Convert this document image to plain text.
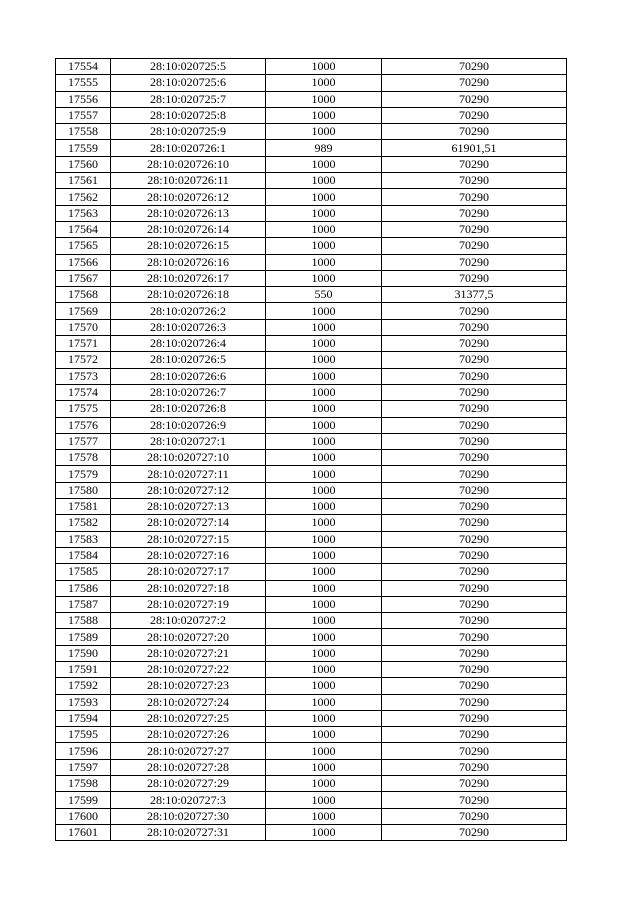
17554	28:10:020725:5	1000	70290
17555	28:10:020725:6	1000	70290
17556	28:10:020725:7	1000	70290
17557	28:10:020725:8	1000	70290
17558	28:10:020725:9	1000	70290
17559	28:10:020726:1	989	61901,51
17560	28:10:020726:10	1000	70290
17561	28:10:020726:11	1000	70290
17562	28:10:020726:12	1000	70290
17563	28:10:020726:13	1000	70290
17564	28:10:020726:14	1000	70290
17565	28:10:020726:15	1000	70290
17566	28:10:020726:16	1000	70290
17567	28:10:020726:17	1000	70290
17568	28:10:020726:18	550	31377,5
17569	28:10:020726:2	1000	70290
17570	28:10:020726:3	1000	70290
17571	28:10:020726:4	1000	70290
17572	28:10:020726:5	1000	70290
17573	28:10:020726:6	1000	70290
17574	28:10:020726:7	1000	70290
17575	28:10:020726:8	1000	70290
17576	28:10:020726:9	1000	70290
17577	28:10:020727:1	1000	70290
17578	28:10:020727:10	1000	70290
17579	28:10:020727:11	1000	70290
17580	28:10:020727:12	1000	70290
17581	28:10:020727:13	1000	70290
17582	28:10:020727:14	1000	70290
17583	28:10:020727:15	1000	70290
17584	28:10:020727:16	1000	70290
17585	28:10:020727:17	1000	70290
17586	28:10:020727:18	1000	70290
17587	28:10:020727:19	1000	70290
17588	28:10:020727:2	1000	70290
17589	28:10:020727:20	1000	70290
17590	28:10:020727:21	1000	70290
17591	28:10:020727:22	1000	70290
17592	28:10:020727:23	1000	70290
17593	28:10:020727:24	1000	70290
17594	28:10:020727:25	1000	70290
17595	28:10:020727:26	1000	70290
17596	28:10:020727:27	1000	70290
17597	28:10:020727:28	1000	70290
17598	28:10:020727:29	1000	70290
17599	28:10:020727:3	1000	70290
17600	28:10:020727:30	1000	70290
17601	28:10:020727:31	1000	70290
